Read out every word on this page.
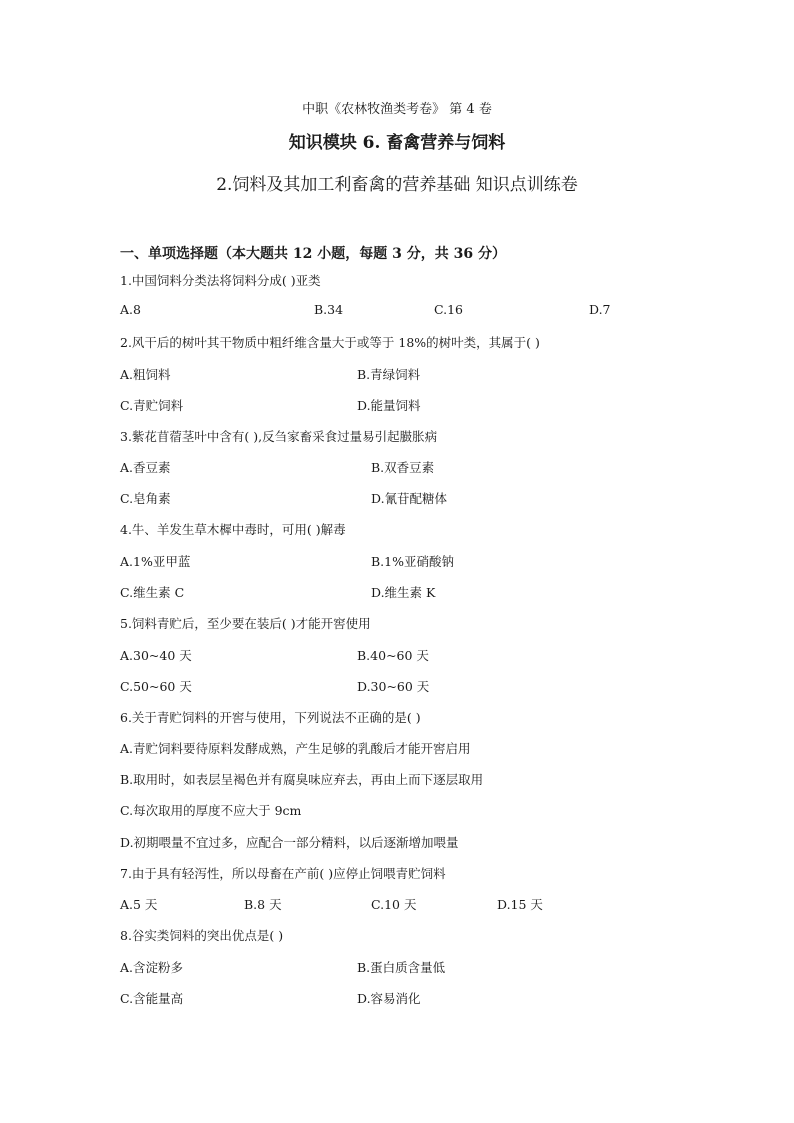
中职《农林牧渔类考卷》 第 4 卷
知识模块 6. 畜禽营养与饲料
2.饲料及其加工利畜禽的营养基础 知识点训练卷
一、单项选择题（本大题共 12 小题，每题 3 分，共 36 分）
1.中国饲料分类法将饲料分成( )亚类
A.8	B.34	C.16	D.7
2.风干后的树叶其干物质中粗纤维含量大于或等于 18%的树叶类，其属于( )
A.粗饲料	B.青绿饲料
C.青贮饲料	D.能量饲料
3.紫花苜蓿茎叶中含有( ),反刍家畜采食过量易引起臌胀病
A.香豆素	B.双香豆素
C.皂角素	D.氰苷配糖体
4.牛、羊发生草木樨中毒时，可用( )解毒
A.1%亚甲蓝	B.1%亚硝酸钠
C.维生素 C	D.维生素 K
5.饲料青贮后，至少要在装后( )才能开窖使用
A.30~40 天	B.40~60 天
C.50~60 天	D.30~60 天
6.关于青贮饲料的开窖与使用，下列说法不正确的是( )
A.青贮饲料要待原料发酵成熟，产生足够的乳酸后才能开窖启用
B.取用时，如表层呈褐色并有腐臭味应弃去，再由上而下逐层取用
C.每次取用的厚度不应大于 9cm
D.初期喂量不宜过多，应配合一部分精料，以后逐渐增加喂量
7.由于具有轻泻性，所以母畜在产前( )应停止饲喂青贮饲料
A.5 天	B.8 天	C.10 天	D.15 天
8.谷实类饲料的突出优点是( )
A.含淀粉多	B.蛋白质含量低
C.含能量高	D.容易消化
